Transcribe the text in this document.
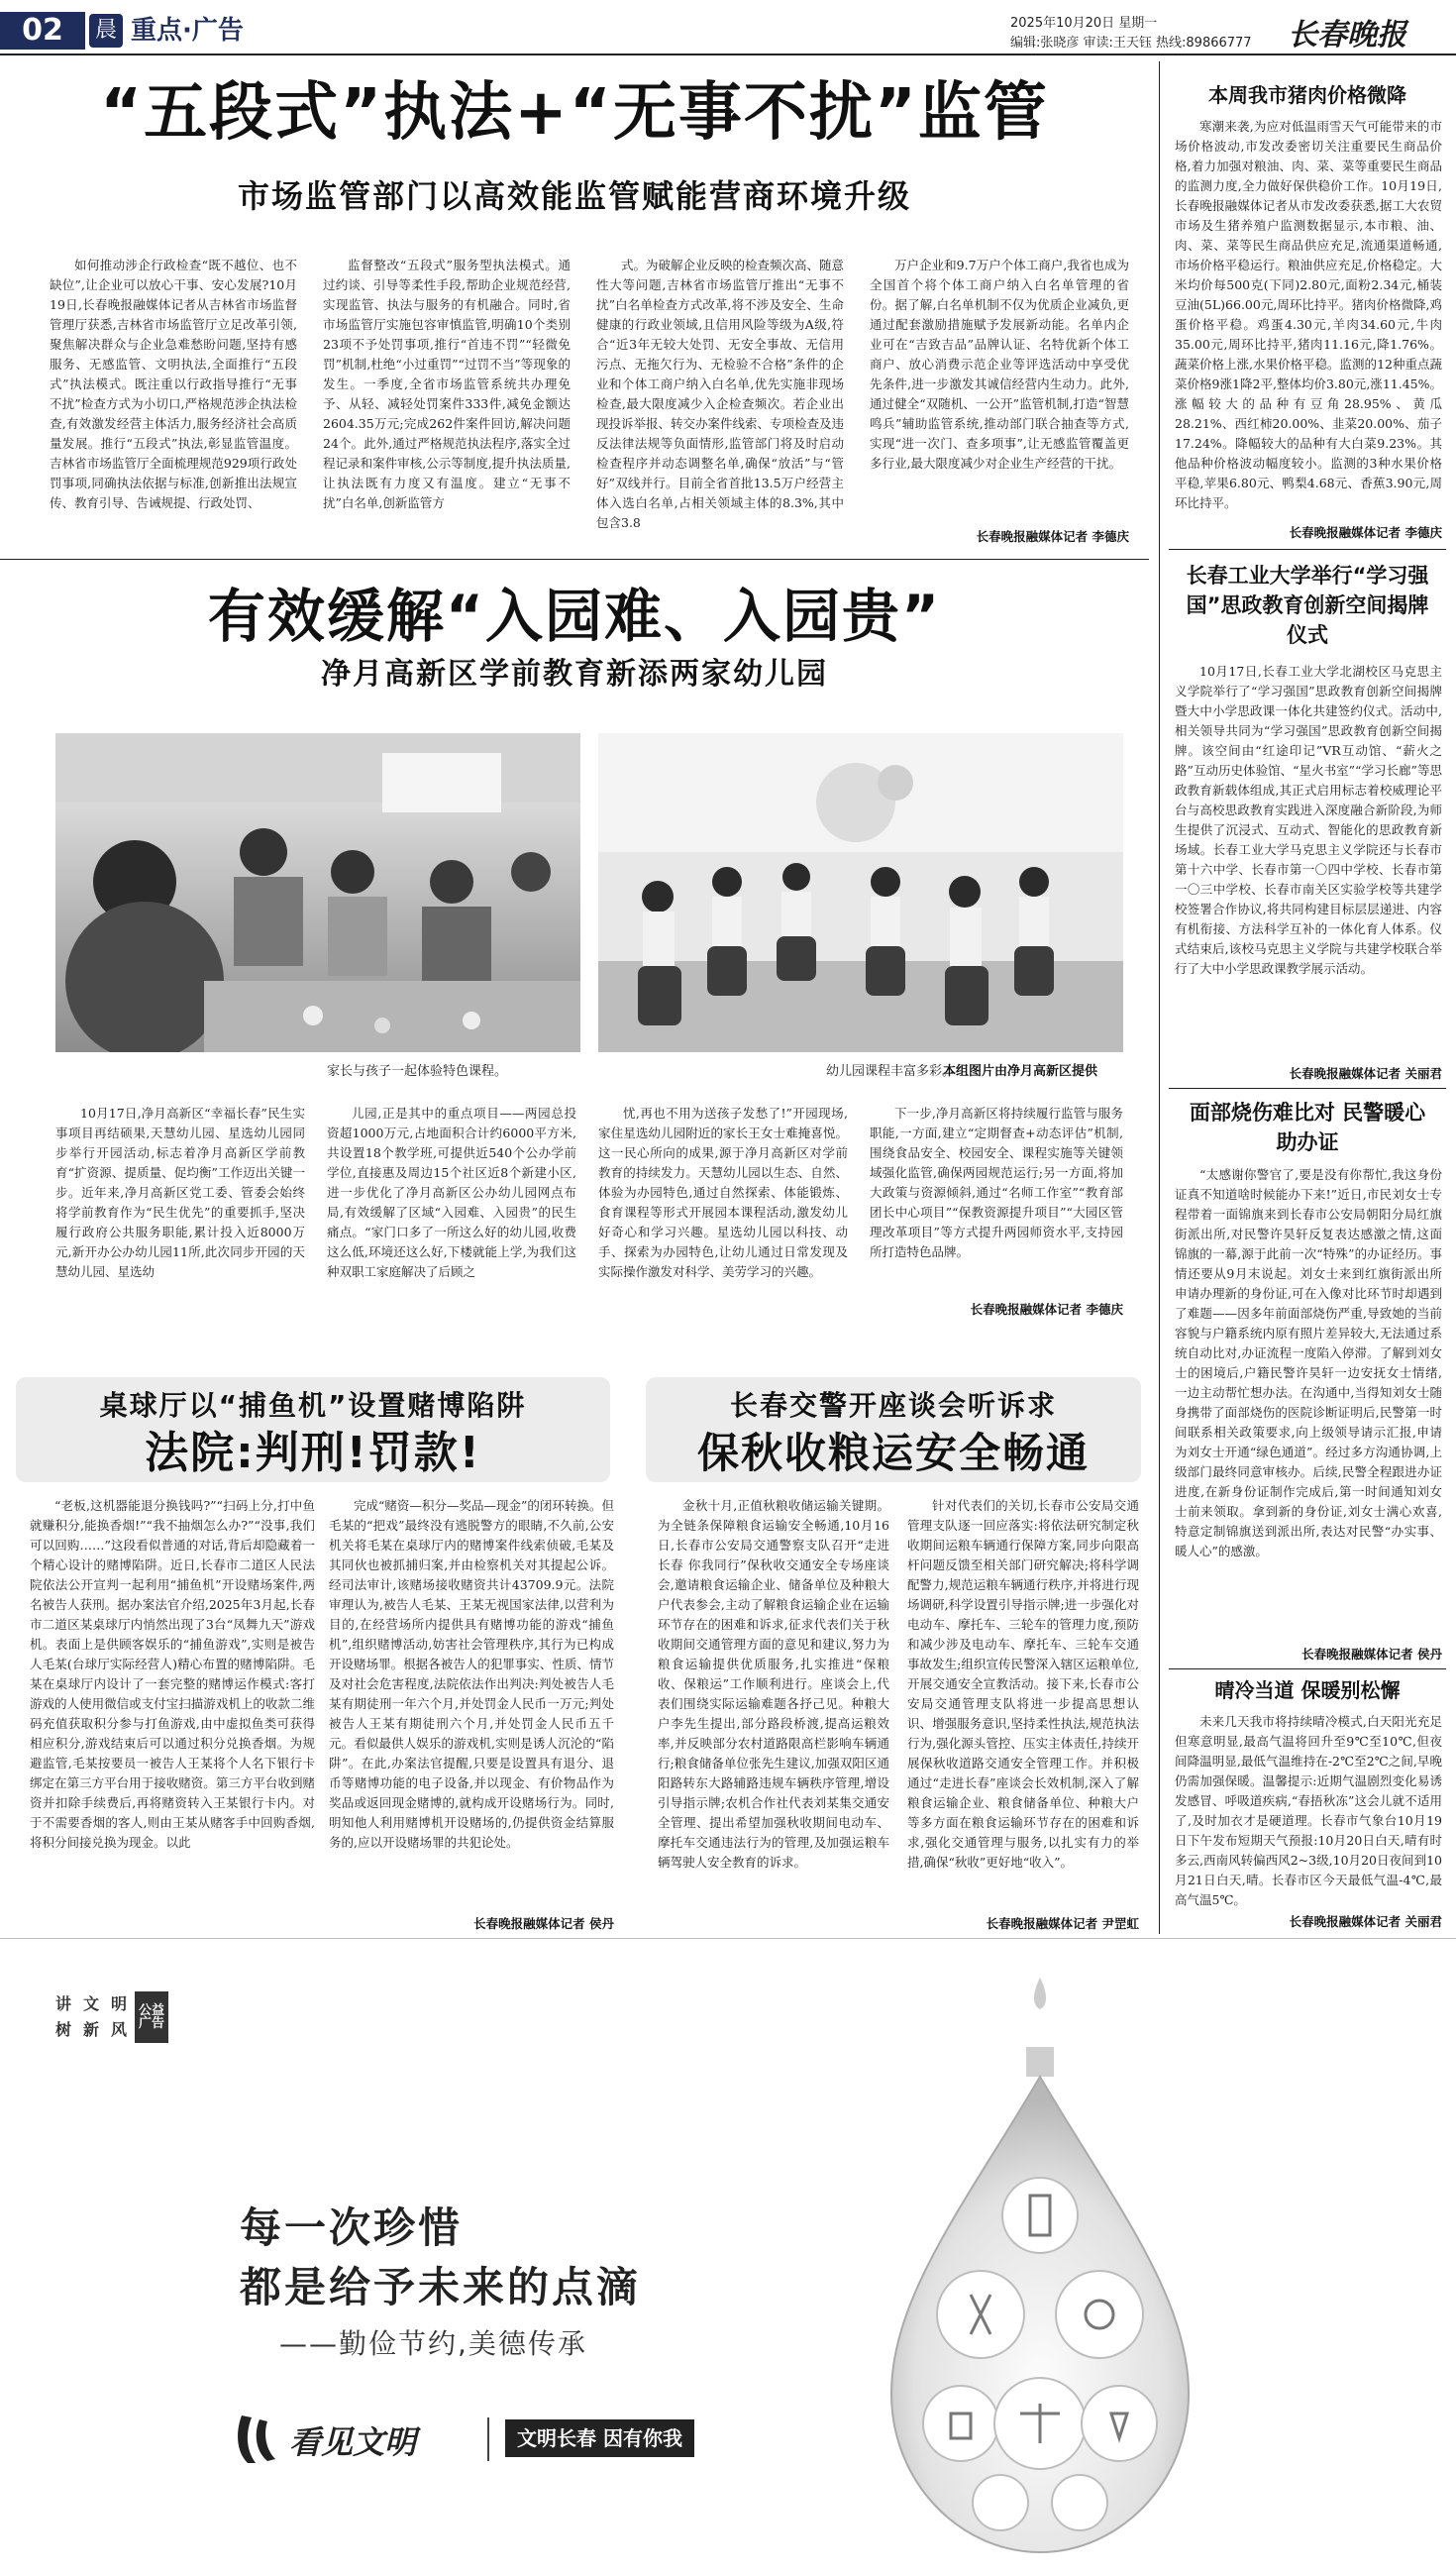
02	晨 重点·广告	2025年10月20日 星期一
编辑:张晓彦 审读:王天钰 热线:89866777 长春晚报
“五段式”执法+“无事不扰”监管
市场监管部门以高效能监管赋能营商环境升级

如何推动涉企行政检查“既不越位、也不缺位”,让企业可以放心干事、安心发展?10月19日,长春晚报融媒体记者从吉林省市场监督管理厅获悉,吉林省市场监管厅立足改革引领,聚焦解决群众与企业急难愁盼问题,坚持有感服务、无感监管、文明执法,全面推行“五段式”执法模式。既注重以行政指导推行“无事不扰”检查方式为小切口,严格规范涉企执法检查,有效激发经营主体活力,服务经济社会高质量发展。推行“五段式”执法,彰显监管温度。吉林省市场监管厅全面梳理规范929项行政处罚事项,同确执法依据与标准,创新推出法规宣传、教育引导、告诫规提、行政处罚、

监督整改“五段式”服务型执法模式。通过约谈、引导等柔性手段,帮助企业规范经营,实现监管、执法与服务的有机融合。同时,省市场监管厅实施包容审慎监管,明确10个类别23项不予处罚事项,推行“首违不罚”“轻微免罚”机制,杜绝“小过重罚”“过罚不当”等现象的发生。一季度,全省市场监管系统共办理免予、从轻、减轻处罚案件333件,减免金额达2604.35万元;完成262件案件回访,解决问题24个。此外,通过严格规范执法程序,落实全过程记录和案件审核,公示等制度,提升执法质量,让执法既有力度又有温度。建立“无事不扰”白名单,创新监管方

式。为破解企业反映的检查频次高、随意性大等问题,吉林省市场监管厅推出“无事不扰”白名单检查方式改革,将不涉及安全、生命健康的行政业领域,且信用风险等级为A级,符合“近3年无较大处罚、无安全事故、无信用污点、无拖欠行为、无检验不合格”条件的企业和个体工商户纳入白名单,优先实施非现场检查,最大限度减少入企检查频次。若企业出现投诉举报、转交办案件线索、专项检查及违反法律法规等负面情形,监管部门将及时启动检查程序并动态调整名单,确保“放活”与“管好”双线并行。目前全省首批13.5万户经营主体入选白名单,占相关领域主体的8.3%,其中包含3.8

万户企业和9.7万户个体工商户,我省也成为全国首个将个体工商户纳入白名单管理的省份。据了解,白名单机制不仅为优质企业减负,更通过配套激励措施赋予发展新动能。名单内企业可在“吉致吉品”品牌认证、名特优新个体工商户、放心消费示范企业等评选活动中享受优先条件,进一步激发其诚信经营内生动力。此外,通过健全“双随机、一公开”监管机制,打造“智慧鸣兵”辅助监管系统,推动部门联合抽查等方式,实现“进一次门、查多项事”,让无感监管覆盖更多行业,最大限度减少对企业生产经营的干扰。

长春晚报融媒体记者 李德庆
有效缓解“入园难、入园贵”
净月高新区学前教育新添两家幼儿园
家长与孩子一起体验特色课程。	幼儿园课程丰富多彩。
本组图片由净月高新区提供

10月17日,净月高新区“幸福长春”民生实事项目再结硕果,天慧幼儿园、星选幼儿园同步举行开园活动,标志着净月高新区学前教育“扩资源、提质量、促均衡”工作迈出关键一步。近年来,净月高新区党工委、管委会始终将学前教育作为“民生优先”的重要抓手,坚决履行政府公共服务职能,累计投入近8000万元,新开办公办幼儿园11所,此次同步开园的天慧幼儿园、星选幼

儿园,正是其中的重点项目——两园总投资超1000万元,占地面积合计约6000平方米,共设置18个教学班,可提供近540个公办学前学位,直接惠及周边15个社区近8个新建小区,进一步优化了净月高新区公办幼儿园网点布局,有效缓解了区域“入园难、入园贵”的民生痛点。“家门口多了一所这么好的幼儿园,收费这么低,环境还这么好,下楼就能上学,为我们这种双职工家庭解决了后顾之

忧,再也不用为送孩子发愁了!”开园现场,家住星选幼儿园附近的家长王女士难掩喜悦。这一民心所向的成果,源于净月高新区对学前教育的持续发力。天慧幼儿园以生态、自然、体验为办园特色,通过自然探索、体能锻炼、食育课程等形式开展园本课程活动,激发幼儿好奇心和学习兴趣。星选幼儿园以科技、动手、探索为办园特色,让幼儿通过日常发现及实际操作激发对科学、美劳学习的兴趣。

下一步,净月高新区将持续履行监管与服务职能,一方面,建立“定期督查+动态评估”机制,围绕食品安全、校园安全、课程实施等关键领域强化监管,确保两园规范运行;另一方面,将加大政策与资源倾斜,通过“名师工作室”“教育部团长中心项目”“保教资源提升项目”“大园区管理改革项目”等方式提升两园师资水平,支持园所打造特色品牌。

长春晚报融媒体记者 李德庆
桌球厅以“捕鱼机”设置赌博陷阱
法院:判刑!罚款!

“老板,这机器能退分换钱吗?”“扫码上分,打中鱼就赚积分,能换香烟!”“我不抽烟怎么办?”“没事,我们可以回购……”这段看似普通的对话,背后却隐藏着一个精心设计的赌博陷阱。近日,长春市二道区人民法院依法公开宣判一起利用“捕鱼机”开设赌场案件,两名被告人获刑。据办案法官介绍,2025年3月起,长春市二道区某桌球厅内悄然出现了3台“凤舞九天”游戏机。表面上是供顾客娱乐的“捕鱼游戏”,实则是被告人毛某(台球厅实际经营人)精心布置的赌博陷阱。毛某在桌球厅内设计了一套完整的赌博运作模式:客打游戏的人使用微信或支付宝扫描游戏机上的收款二维码充值获取积分参与打鱼游戏,由中虚拟鱼类可获得相应积分,游戏结束后可以通过积分兑换香烟。为规避监管,毛某按要员一被告人王某将个人名下银行卡绑定在第三方平台用于接收赌资。第三方平台收到赌资并扣除手续费后,再将赌资转入王某银行卡内。对于不需要香烟的客人,则由王某从赌客手中回购香烟,将积分间接兑换为现金。以此

完成“赌资—积分—奖品—现金”的闭环转换。但毛某的“把戏”最终没有逃脱警方的眼睛,不久前,公安机关将毛某在桌球厅内的赌博案件线索侦破,毛某及其同伙也被抓捕归案,并由检察机关对其提起公诉。经司法审计,该赌场接收赌资共计43709.9元。法院审理认为,被告人毛某、王某无视国家法律,以营利为目的,在经营场所内提供具有赌博功能的游戏“捕鱼机”,组织赌博活动,妨害社会管理秩序,其行为已构成开设赌场罪。根据各被告人的犯罪事实、性质、情节及对社会危害程度,法院依法作出判决:判处被告人毛某有期徒刑一年六个月,并处罚金人民币一万元;判处被告人王某有期徒刑六个月,并处罚金人民币五千元。看似最供人娱乐的游戏机,实则是诱人沉沦的“陷阱”。在此,办案法官提醒,只要是设置具有退分、退币等赌博功能的电子设备,并以现金、有价物品作为奖品或返回现金赌博的,就构成开设赌场行为。同时,明知他人利用赌博机开设赌场的,仍提供资金结算服务的,应以开设赌场罪的共犯论处。

长春晚报融媒体记者 侯丹
长春交警开座谈会听诉求
保秋收粮运安全畅通

金秋十月,正值秋粮收储运输关键期。为全链条保障粮食运输安全畅通,10月16日,长春市公安局交通警察支队召开“走进长春 你我同行”保秋收交通安全专场座谈会,邀请粮食运输企业、储备单位及种粮大户代表参会,主动了解粮食运输企业在运输环节存在的困难和诉求,征求代表们关于秋收期间交通管理方面的意见和建议,努力为粮食运输提供优质服务,扎实推进“保粮收、保粮运”工作顺利进行。座谈会上,代表们围绕实际运输难题各抒己见。种粮大户李先生提出,部分路段桥渡,提高运粮效率,并反映部分农村道路限高栏影响车辆通行;粮食储备单位张先生建议,加强双阳区通阳路转东大路辅路违规车辆秩序管理,增设引导指示牌;农机合作社代表刘某集交通安全管理、提出希望加强秋收期间电动车、摩托车交通违法行为的管理,及加强运粮车辆驾驶人安全教育的诉求。

针对代表们的关切,长春市公安局交通管理支队逐一回应落实:将依法研究制定秋收期间运粮车辆通行保障方案,同步向限高杆问题反馈至相关部门研究解决;将科学调配警力,规范运粮车辆通行秩序,并将进行现场调研,科学设置引导指示牌;进一步强化对电动车、摩托车、三轮车的管理力度,预防和减少涉及电动车、摩托车、三轮车交通事故发生;组织宣传民警深入辖区运粮单位,开展交通安全宣教活动。接下来,长春市公安局交通管理支队将进一步提高思想认识、增强服务意识,坚持柔性执法,规范执法行为,强化源头管控、压实主体责任,持续开展保秋收道路交通安全管理工作。并积极通过“走进长春”座谈会长效机制,深入了解粮食运输企业、粮食储备单位、种粮大户等多方面在粮食运输环节存在的困难和诉求,强化交通管理与服务,以扎实有力的举措,确保“秋收”更好地“收入”。

长春晚报融媒体记者 尹罡虹
本周我市猪肉价格微降

寒潮来袭,为应对低温雨雪天气可能带来的市场价格波动,市发改委密切关注重要民生商品价格,着力加强对粮油、肉、菜、菜等重要民生商品的监测力度,全力做好保供稳价工作。10月19日,长春晚报融媒体记者从市发改委获悉,据工大农贸市场及生猪养殖户监测数据显示,本市粮、油、肉、菜、菜等民生商品供应充足,流通渠道畅通,市场价格平稳运行。粮油供应充足,价格稳定。大米均价每500克(下同)2.80元,面粉2.34元,桶装豆油(5L)66.00元,周环比持平。猪肉价格微降,鸡蛋价格平稳。鸡蛋4.30元,羊肉34.60元,牛肉35.00元,周环比持平,猪肉11.16元,降1.76%。蔬菜价格上涨,水果价格平稳。监测的12种重点蔬菜价格9涨1降2平,整体均价3.80元,涨11.45%。涨幅较大的品种有豆角28.95%、黄瓜28.21%、西红柿20.00%、韭菜20.00%、茄子17.24%。降幅较大的品种有大白菜9.23%。其他品种价格波动幅度较小。监测的3种水果价格平稳,苹果6.80元、鸭梨4.68元、香蕉3.90元,周环比持平。

长春晚报融媒体记者 李德庆
长春工业大学举行“学习强国”思政教育创新空间揭牌仪式

10月17日,长春工业大学北湖校区马克思主义学院举行了“学习强国”思政教育创新空间揭牌暨大中小学思政课一体化共建签约仪式。活动中,相关领导共同为“学习强国”思政教育创新空间揭牌。该空间由“红途印记”VR互动馆、“薪火之路”互动历史体验馆、“星火书室”“学习长廊”等思政教育新载体组成,其正式启用标志着校威理论平台与高校思政教育实践进入深度融合新阶段,为师生提供了沉浸式、互动式、智能化的思政教育新场域。长春工业大学马克思主义学院还与长春市第十六中学、长春市第一〇四中学校、长春市第一〇三中学校、长春市南关区实验学校等共建学校签署合作协议,将共同构建目标层层递进、内容有机衔接、方法科学互补的一体化育人体系。仪式结束后,该校马克思主义学院与共建学校联合举行了大中小学思政课教学展示活动。

长春晚报融媒体记者 关丽君
面部烧伤难比对 民警暖心助办证

“太感谢你警官了,要是没有你帮忙,我这身份证真不知道啥时候能办下来!”近日,市民刘女士专程带着一面锦旗来到长春市公安局朝阳分局红旗街派出所,对民警许昊轩反复表达感激之情,这面锦旗的一幕,源于此前一次“特殊”的办证经历。事情还要从9月末说起。刘女士来到红旗街派出所申请办理新的身份证,可在入像对比环节时却遇到了难题——因多年前面部烧伤严重,导致她的当前容貌与户籍系统内原有照片差异较大,无法通过系统自动比对,办证流程一度陷入停滞。了解到刘女士的困境后,户籍民警许昊轩一边安抚女士情绪,一边主动帮忙想办法。在沟通中,当得知刘女士随身携带了面部烧伤的医院诊断证明后,民警第一时间联系相关政策要求,向上级领导请示汇报,申请为刘女士开通“绿色通道”。经过多方沟通协调,上级部门最终同意审核办。后续,民警全程跟进办证进度,在新身份证制作完成后,第一时间通知刘女士前来领取。拿到新的身份证,刘女士满心欢喜,特意定制锦旗送到派出所,表达对民警“办实事、暖人心”的感激。

长春晚报融媒体记者 侯丹
晴冷当道 保暖别松懈

未来几天我市将持续晴冷模式,白天阳光充足但寒意明显,最高气温将回升至9℃至10℃,但夜间降温明显,最低气温维持在-2℃至2℃之间,早晚仍需加强保暖。温馨提示:近期气温剧烈变化易诱发感冒、呼吸道疾病,“春捂秋冻”这会儿就不适用了,及时加衣才是硬道理。长春市气象台10月19日下午发布短期天气预报:10月20日白天,晴有时多云,西南风转偏西风2~3级,10月20日夜间到10月21日白天,晴。长春市区今天最低气温-4℃,最高气温5℃。

长春晚报融媒体记者 关丽君
讲 文 明
树 新 风
公益广告
每一次珍惜
都是给予未来的点滴
——勤俭节约,美德传承
看见文明	文明长春 因有你我
